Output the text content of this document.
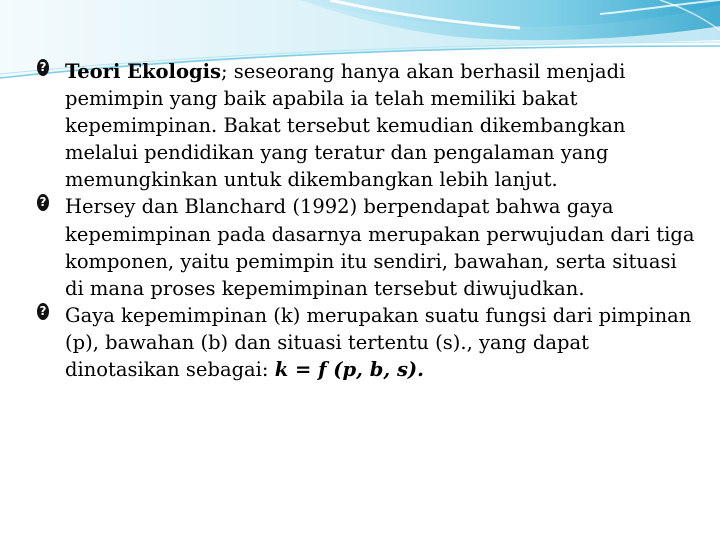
?
Teori Ekologis; seseorang hanya akan berhasil menjadi pemimpin yang baik apabila ia telah memiliki bakat kepemimpinan. Bakat tersebut kemudian dikembangkan melalui pendidikan yang teratur dan pengalaman yang memungkinkan untuk dikembangkan lebih lanjut.

?
Hersey dan Blanchard (1992) berpendapat bahwa gaya kepemimpinan pada dasarnya merupakan perwujudan dari tiga komponen, yaitu pemimpin itu sendiri, bawahan, serta situasi di mana proses kepemimpinan tersebut diwujudkan.

?
Gaya kepemimpinan (k) merupakan suatu fungsi dari pimpinan (p), bawahan (b) dan situasi tertentu (s)., yang dapat dinotasikan sebagai: k = f (p, b, s).
